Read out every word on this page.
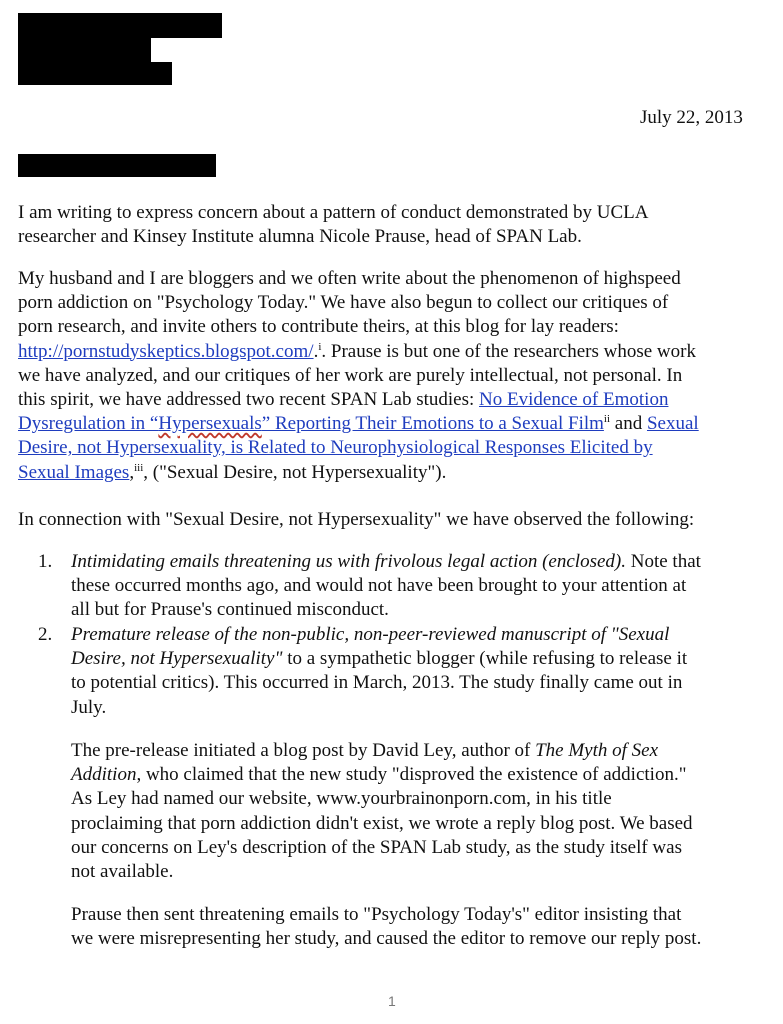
July 22, 2013
I am writing to express concern about a pattern of conduct demonstrated by UCLA
researcher and Kinsey Institute alumna Nicole Prause, head of SPAN Lab.
My husband and I are bloggers and we often write about the phenomenon of highspeed
porn addiction on "Psychology Today." We have also begun to collect our critiques of
porn research, and invite others to contribute theirs, at this blog for lay readers:
http://pornstudyskeptics.blogspot.com/.$^i$. Prause is but one of the researchers whose work
we have analyzed, and our critiques of her work are purely intellectual, not personal. In
this spirit, we have addressed two recent SPAN Lab studies: No Evidence of Emotion
Dysregulation in “Hypersexuals” Reporting Their Emotions to a Sexual Film$^{ii}$ and Sexual
Desire, not Hypersexuality, is Related to Neurophysiological Responses Elicited by
Sexual Images,$^{iii}$, ("Sexual Desire, not Hypersexuality").
In connection with "Sexual Desire, not Hypersexuality" we have observed the following:
1. Intimidating emails threatening us with frivolous legal action (enclosed). Note that
these occurred months ago, and would not have been brought to your attention at
all but for Prause's continued misconduct.
2. Premature release of the non-public, non-peer-reviewed manuscript of "Sexual
Desire, not Hypersexuality" to a sympathetic blogger (while refusing to release it
to potential critics). This occurred in March, 2013. The study finally came out in
July.
The pre-release initiated a blog post by David Ley, author of The Myth of Sex
Addition, who claimed that the new study "disproved the existence of addiction."
As Ley had named our website, www.yourbrainonporn.com, in his title
proclaiming that porn addiction didn't exist, we wrote a reply blog post. We based
our concerns on Ley's description of the SPAN Lab study, as the study itself was
not available.
Prause then sent threatening emails to "Psychology Today's" editor insisting that
we were misrepresenting her study, and caused the editor to remove our reply post.
1
